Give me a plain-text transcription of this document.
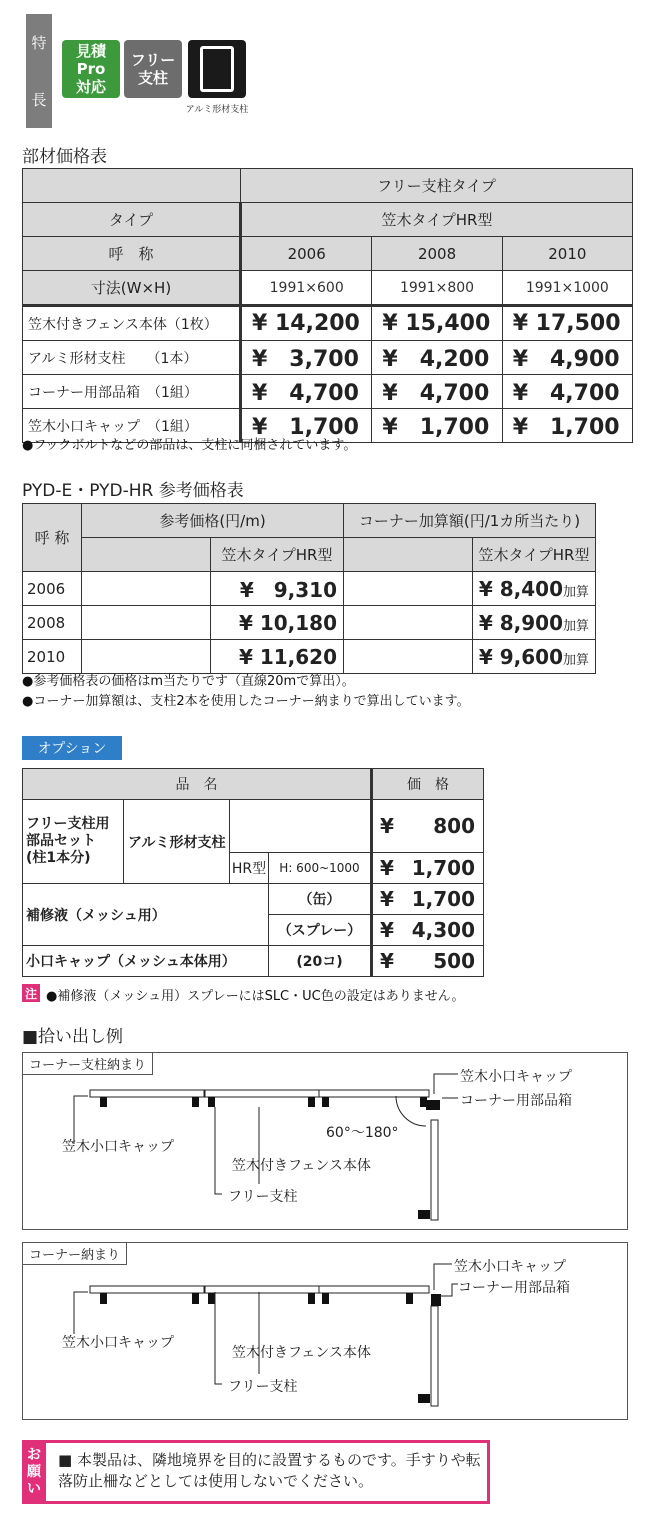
特
長
見積Pro
対応
フリー
支柱
アルミ形材支柱
部材価格表
	フリー支柱タイプ		
タイプ	笠木タイプHR型		
呼　称	2006	2008	2010
寸法(W×H)	1991×600	1991×800	1991×1000
笠木付きフェンス本体（1枚）	¥ 14,200	¥ 15,400	¥ 17,500
アルミ形材支柱　　（1本）	¥　3,700	¥　4,200	¥　4,900
コーナー用部品箱　（1組）	¥　4,700	¥　4,700	¥　4,700
笠木小口キャップ　（1組）	¥　1,700	¥　1,700	¥　1,700
●フックボルトなどの部品は、支柱に同梱されています。
PYD-E・PYD-HR 参考価格表
呼 称	参考価格(円/m)		コーナー加算額(円/1カ所当たり)	
		笠木タイプHR型		笠木タイプHR型
2006		¥　9,310		¥ 8,400加算
2008		¥ 10,180		¥ 8,900加算
2010		¥ 11,620		¥ 9,600加算
●参考価格表の価格はm当たりです（直線20mで算出）。
●コーナー加算額は、支柱2本を使用したコーナー納まりで算出しています。
オプション
品　名				価　格
フリー支柱用
部品セット
(柱1本分)	アルミ形材支柱			¥ 800
		HR型	H: 600~1000	¥ 1,700
補修液（メッシュ用）			（缶）	¥ 1,700
			（スプレー）	¥ 4,300
小口キャップ（メッシュ本体用）			(20コ)	¥ 500
注 ●補修液（メッシュ用）スプレーにはSLC・UC色の設定はありません。
■拾い出し例
コーナー支柱納まり
笠木小口キャップ
笠木付きフェンス本体
フリー支柱
笠木小口キャップ
コーナー用部品箱
60°〜180°
コーナー納まり
笠木小口キャップ
笠木付きフェンス本体
フリー支柱
笠木小口キャップ
コーナー用部品箱
お
願
い
■ 本製品は、隣地境界を目的に設置するものです。手すりや転落防止柵などとしては使用しないでください。
